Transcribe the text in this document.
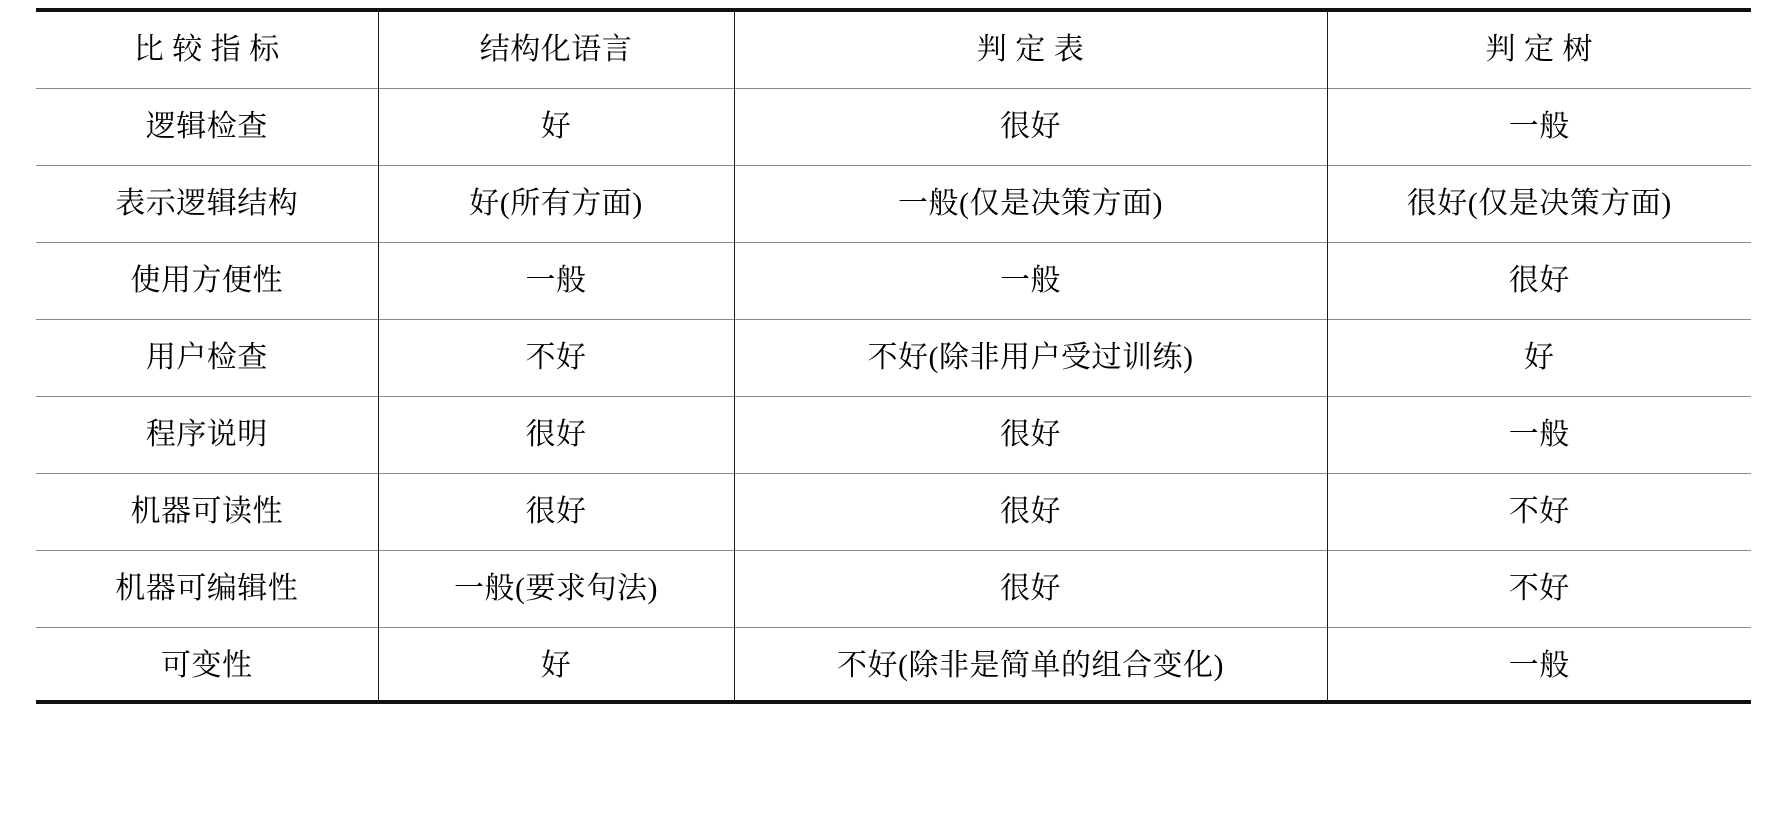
比 较 指 标	结构化语言	判 定 表	判 定 树
逻辑检查	好	很好	一般
表示逻辑结构	好(所有方面)	一般(仅是决策方面)	很好(仅是决策方面)
使用方便性	一般	一般	很好
用户检查	不好	不好(除非用户受过训练)	好
程序说明	很好	很好	一般
机器可读性	很好	很好	不好
机器可编辑性	一般(要求句法)	很好	不好
可变性	好	不好(除非是简单的组合变化)	一般
